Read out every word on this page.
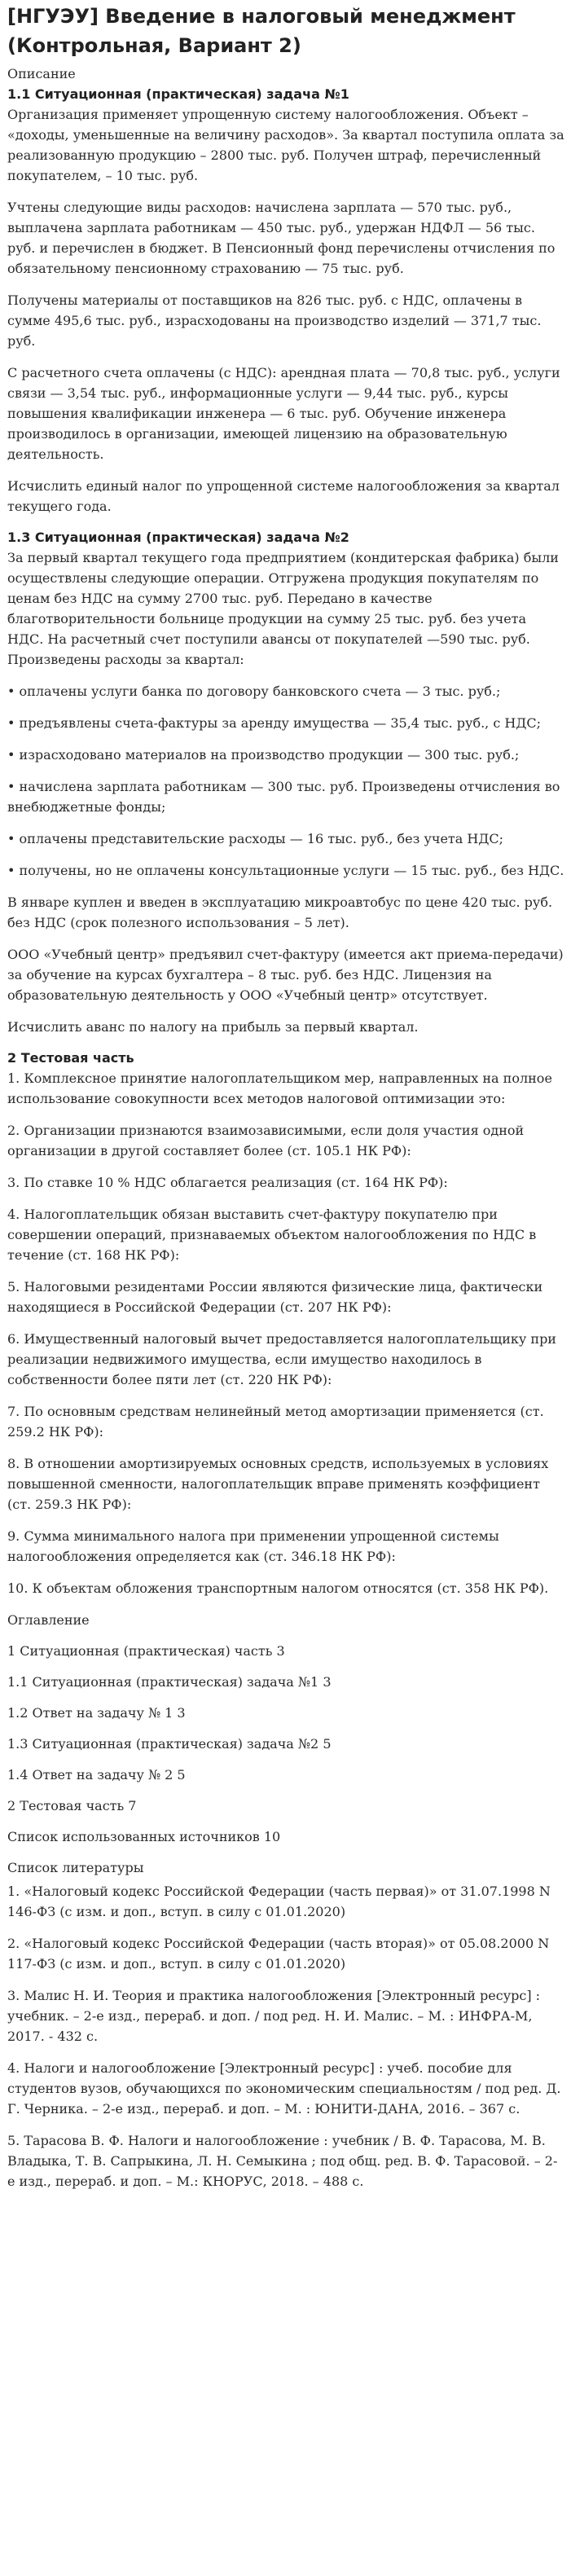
[НГУЭУ] Введение в налоговый менеджмент (Контрольная, Вариант 2)
Описание
1.1 Ситуационная (практическая) задача №1
Организация применяет упрощенную систему налогообложения. Объект – «доходы, уменьшенные на величину расходов». За квартал поступила оплата за реализованную продукцию – 2800 тыс. руб. Получен штраф, перечисленный покупателем, – 10 тыс. руб.
Учтены следующие виды расходов: начислена зарплата — 570 тыс. руб., выплачена зарплата работникам — 450 тыс. руб., удержан НДФЛ — 56 тыс. руб. и перечислен в бюджет. В Пенсионный фонд перечислены отчисления по обязательному пенсионному страхованию — 75 тыс. руб.
Получены материалы от поставщиков на 826 тыс. руб. с НДС, оплачены в сумме 495,6 тыс. руб., израсходованы на производство изделий — 371,7 тыс. руб.
С расчетного счета оплачены (с НДС): арендная плата — 70,8 тыс. руб., услуги связи — 3,54 тыс. руб., информационные услуги — 9,44 тыс. руб., курсы повышения квалификации инженера — 6 тыс. руб. Обучение инженера производилось в организации, имеющей лицензию на образовательную деятельность.
Исчислить единый налог по упрощенной системе налогообложения за квартал текущего года.
1.3 Ситуационная (практическая) задача №2
За первый квартал текущего года предприятием (кондитерская фабрика) были осуществлены следующие операции. Отгружена продукция покупателям по ценам без НДС на сумму 2700 тыс. руб. Передано в качестве благотворительности больнице продукции на сумму 25 тыс. руб. без учета НДС. На расчетный счет поступили авансы от покупателей —590 тыс. руб. Произведены расходы за квартал:
• оплачены услуги банка по договору банковского счета — 3 тыс. руб.;
• предъявлены счета-фактуры за аренду имущества — 35,4 тыс. руб., с НДС;
• израсходовано материалов на производство продукции — 300 тыс. руб.;
• начислена зарплата работникам — 300 тыс. руб. Произведены отчисления во внебюджетные фонды;
• оплачены представительские расходы — 16 тыс. руб., без учета НДС;
• получены, но не оплачены консультационные услуги — 15 тыс. руб., без НДС.
В январе куплен и введен в эксплуатацию микроавтобус по цене 420 тыс. руб. без НДС (срок полезного использования – 5 лет).
ООО «Учебный центр» предъявил счет-фактуру (имеется акт приема-передачи) за обучение на курсах бухгалтера – 8 тыс. руб. без НДС. Лицензия на образовательную деятельность у ООО «Учебный центр» отсутствует.
Исчислить аванс по налогу на прибыль за первый квартал.
2 Тестовая часть
1. Комплексное принятие налогоплательщиком мер, направленных на полное использование совокупности всех методов налоговой оптимизации это:
2. Организации признаются взаимозависимыми, если доля участия одной организации в другой составляет более (ст. 105.1 НК РФ):
3. По ставке 10 % НДС облагается реализация (ст. 164 НК РФ):
4. Налогоплательщик обязан выставить счет-фактуру покупателю при совершении операций, признаваемых объектом налогообложения по НДС в течение (ст. 168 НК РФ):
5. Налоговыми резидентами России являются физические лица, фактически находящиеся в Российской Федерации (ст. 207 НК РФ):
6. Имущественный налоговый вычет предоставляется налогоплательщику при реализации недвижимого имущества, если имущество находилось в собственности более пяти лет (ст. 220 НК РФ):
7. По основным средствам нелинейный метод амортизации применяется (ст. 259.2 НК РФ):
8. В отношении амортизируемых основных средств, используемых в условиях повышенной сменности, налогоплательщик вправе применять коэффициент (ст. 259.3 НК РФ):
9. Сумма минимального налога при применении упрощенной системы налогообложения определяется как (ст. 346.18 НК РФ):
10. К объектам обложения транспортным налогом относятся (ст. 358 НК РФ).
Оглавление
1 Ситуационная (практическая) часть 3
1.1 Ситуационная (практическая) задача №1 3
1.2 Ответ на задачу № 1 3
1.3 Ситуационная (практическая) задача №2 5
1.4 Ответ на задачу № 2 5
2 Тестовая часть 7
Список использованных источников 10
Список литературы
1. «Налоговый кодекс Российской Федерации (часть первая)» от 31.07.1998 N 146-ФЗ (с изм. и доп., вступ. в силу с 01.01.2020)
2. «Налоговый кодекс Российской Федерации (часть вторая)» от 05.08.2000 N 117-ФЗ (с изм. и доп., вступ. в силу с 01.01.2020)
3. Малис Н. И. Теория и практика налогообложения [Электронный ресурс] : учебник. – 2-е изд., перераб. и доп. / под ред. Н. И. Малис. – М. : ИНФРА-М, 2017. - 432 с.
4. Налоги и налогообложение [Электронный ресурс] : учеб. пособие для студентов вузов, обучающихся по экономическим специальностям / под ред. Д. Г. Черника. – 2-е изд., перераб. и доп. – М. : ЮНИТИ-ДАНА, 2016. – 367 с.
5. Тарасова В. Ф. Налоги и налогообложение : учебник / В. Ф. Тарасова, М. В. Владыка, Т. В. Сапрыкина, Л. Н. Семыкина ; под общ. ред. В. Ф. Тарасовой. – 2-е изд., перераб. и доп. – М.: КНОРУС, 2018. – 488 с.
